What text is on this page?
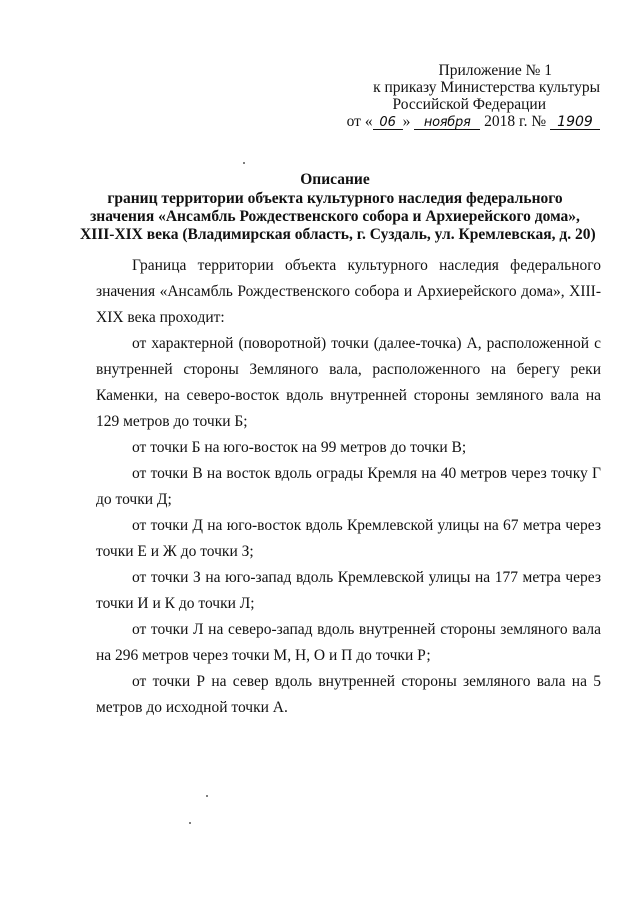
Приложение № 1
к приказу Министерства культуры
Российской Федерации
от « 06 » ноября 2018 г. № 1909
Описание
границ территории объекта культурного наследия федерального
значения «Ансамбль Рождественского собора и Архиерейского дома»,
XIII-XIX века (Владимирская область, г. Суздаль, ул. Кремлевская, д. 20)

Граница территории объекта культурного наследия федерального значения «Ансамбль Рождественского собора и Архиерейского дома», XIII-XIX века проходит:

от характерной (поворотной) точки (далее-точка) А, расположенной с внутренней стороны Земляного вала, расположенного на берегу реки Каменки, на северо-восток вдоль внутренней стороны земляного вала на 129 метров до точки Б;

от точки Б на юго-восток на 99 метров до точки В;

от точки В на восток вдоль ограды Кремля на 40 метров через точку Г до точки Д;

от точки Д на юго-восток вдоль Кремлевской улицы на 67 метра через точки Е и Ж до точки З;

от точки З на юго-запад вдоль Кремлевской улицы на 177 метра через точки И и К до точки Л;

от точки Л на северо-запад вдоль внутренней стороны земляного вала на 296 метров через точки М, Н, О и П до точки Р;

от точки Р на север вдоль внутренней стороны земляного вала на 5 метров до исходной точки А.
